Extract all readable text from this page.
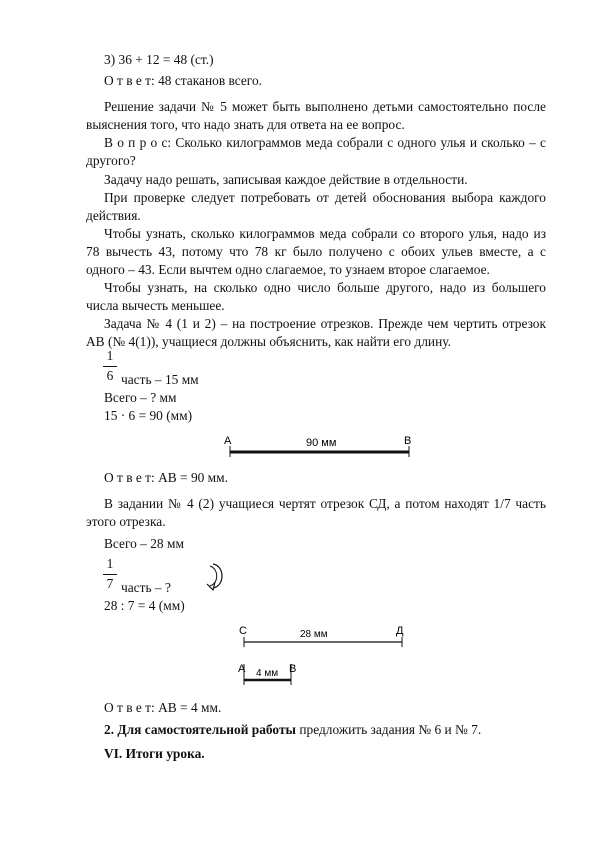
3) 36 + 12 = 48 (ст.)
О т в е т: 48 стаканов всего.
Решение задачи № 5 может быть выполнено детьми самостоятельно после
выяснения того, что надо знать для ответа на ее вопрос.
В о п р о с: Сколько килограммов меда собрали с одного улья и сколько – с
другого?
Задачу надо решать, записывая каждое действие в отдельности.
При проверке следует потребовать от детей обоснования выбора каждого
действия.
Чтобы узнать, сколько килограммов меда собрали со второго улья, надо из
78 вычесть 43, потому что 78 кг было получено с обоих ульев вместе, а с
одного – 43. Если вычтем одно слагаемое, то узнаем второе слагаемое.
Чтобы узнать, на сколько одно число больше другого, надо из большего
числа вычесть меньшее.
Задача № 4 (1 и 2) – на построение отрезков. Прежде чем чертить отрезок
АВ (№ 4(1)), учащиеся должны объяснить, как найти его длину.
1
6 часть – 15 мм
Всего – ? мм
15 · 6 = 90 (мм)
А	В
90 мм
О т в е т: АВ = 90 мм.
В задании № 4 (2) учащиеся чертят отрезок СД, а потом находят 1/7 часть
этого отрезка.
Всего – 28 мм
1
7 часть – ?
28 : 7 = 4 (мм)
С	Д
28 мм
А	В
4 мм
О т в е т: АВ = 4 мм.
2. Для самостоятельной работы предложить задания № 6 и № 7.
VI. Итоги урока.
